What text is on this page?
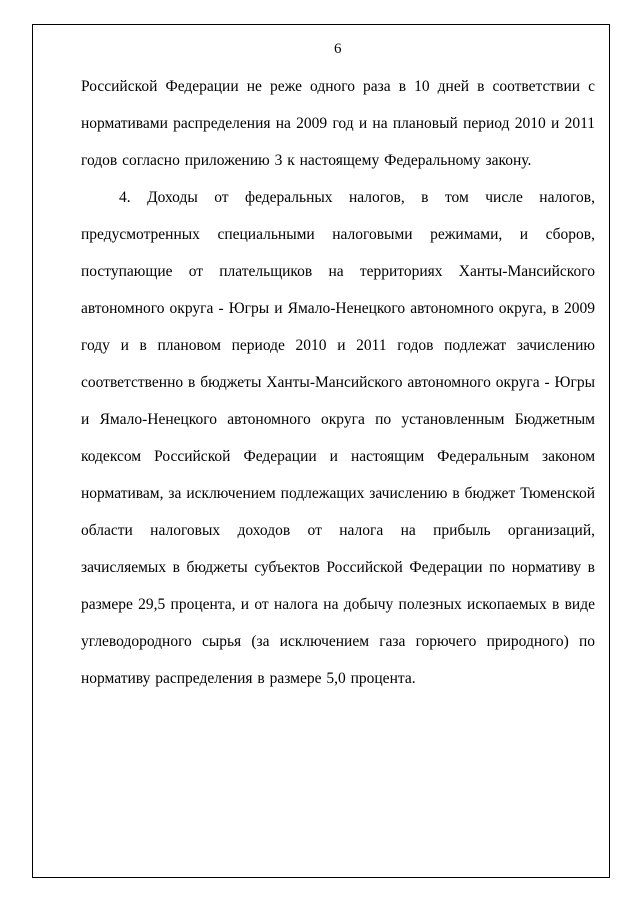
6

Российской Федерации не реже одного раза в 10 дней в соответствии с нормативами распределения на 2009 год и на плановый период 2010 и 2011 годов согласно приложению 3 к настоящему Федеральному закону.

4. Доходы от федеральных налогов, в том числе налогов, предусмотренных специальными налоговыми режимами, и сборов, поступающие от плательщиков на территориях Ханты-Мансийского автономного округа - Югры и Ямало-Ненецкого автономного округа, в 2009 году и в плановом периоде 2010 и 2011 годов подлежат зачислению соответственно в бюджеты Ханты-Мансийского автономного округа - Югры и Ямало-Ненецкого автономного округа по установленным Бюджетным кодексом Российской Федерации и настоящим Федеральным законом нормативам, за исключением подлежащих зачислению в бюджет Тюменской области налоговых доходов от налога на прибыль организаций, зачисляемых в бюджеты субъектов Российской Федерации по нормативу в размере 29,5 процента, и от налога на добычу полезных ископаемых в виде углеводородного сырья (за исключением газа горючего природного) по нормативу распределения в размере 5,0 процента.
